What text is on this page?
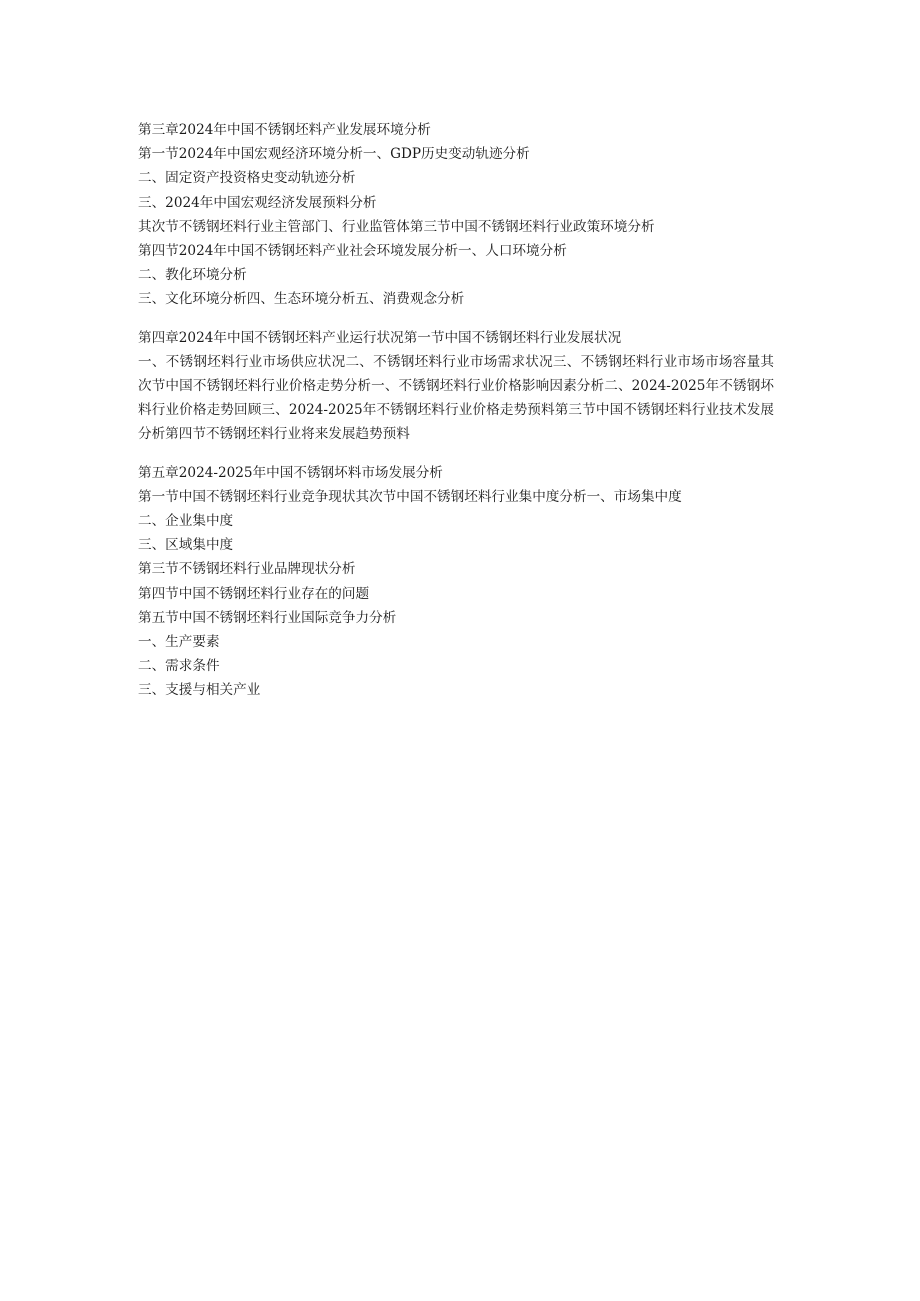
第三章2024年中国不锈钢坯料产业发展环境分析
第一节2024年中国宏观经济环境分析一、GDP历史变动轨迹分析
二、固定资产投资格史变动轨迹分析
三、2024年中国宏观经济发展预料分析
其次节不锈钢坯料行业主管部门、行业监管体第三节中国不锈钢坯料行业政策环境分析
第四节2024年中国不锈钢坯料产业社会环境发展分析一、人口环境分析
二、教化环境分析
三、文化环境分析四、生态环境分析五、消费观念分析
第四章2024年中国不锈钢坯料产业运行状况第一节中国不锈钢坯料行业发展状况
一、不锈钢坯料行业市场供应状况二、不锈钢坯料行业市场需求状况三、不锈钢坯料行业市场市场容量其次节中国不锈钢坯料行业价格走势分析一、不锈钢坯料行业价格影响因素分析二、2024-2025年不锈钢坏料行业价格走势回顾三、2024-2025年不锈钢坯料行业价格走势预料第三节中国不锈钢坯料行业技术发展分析第四节不锈钢坯料行业将来发展趋势预料
第五章2024-2025年中国不锈钢坏料市场发展分析
第一节中国不锈钢坯料行业竞争现状其次节中国不锈钢坯料行业集中度分析一、市场集中度
二、企业集中度
三、区域集中度
第三节不锈钢坯料行业品牌现状分析
第四节中国不锈钢坯料行业存在的问题
第五节中国不锈钢坯料行业国际竞争力分析
一、生产要素
二、需求条件
三、支援与相关产业
